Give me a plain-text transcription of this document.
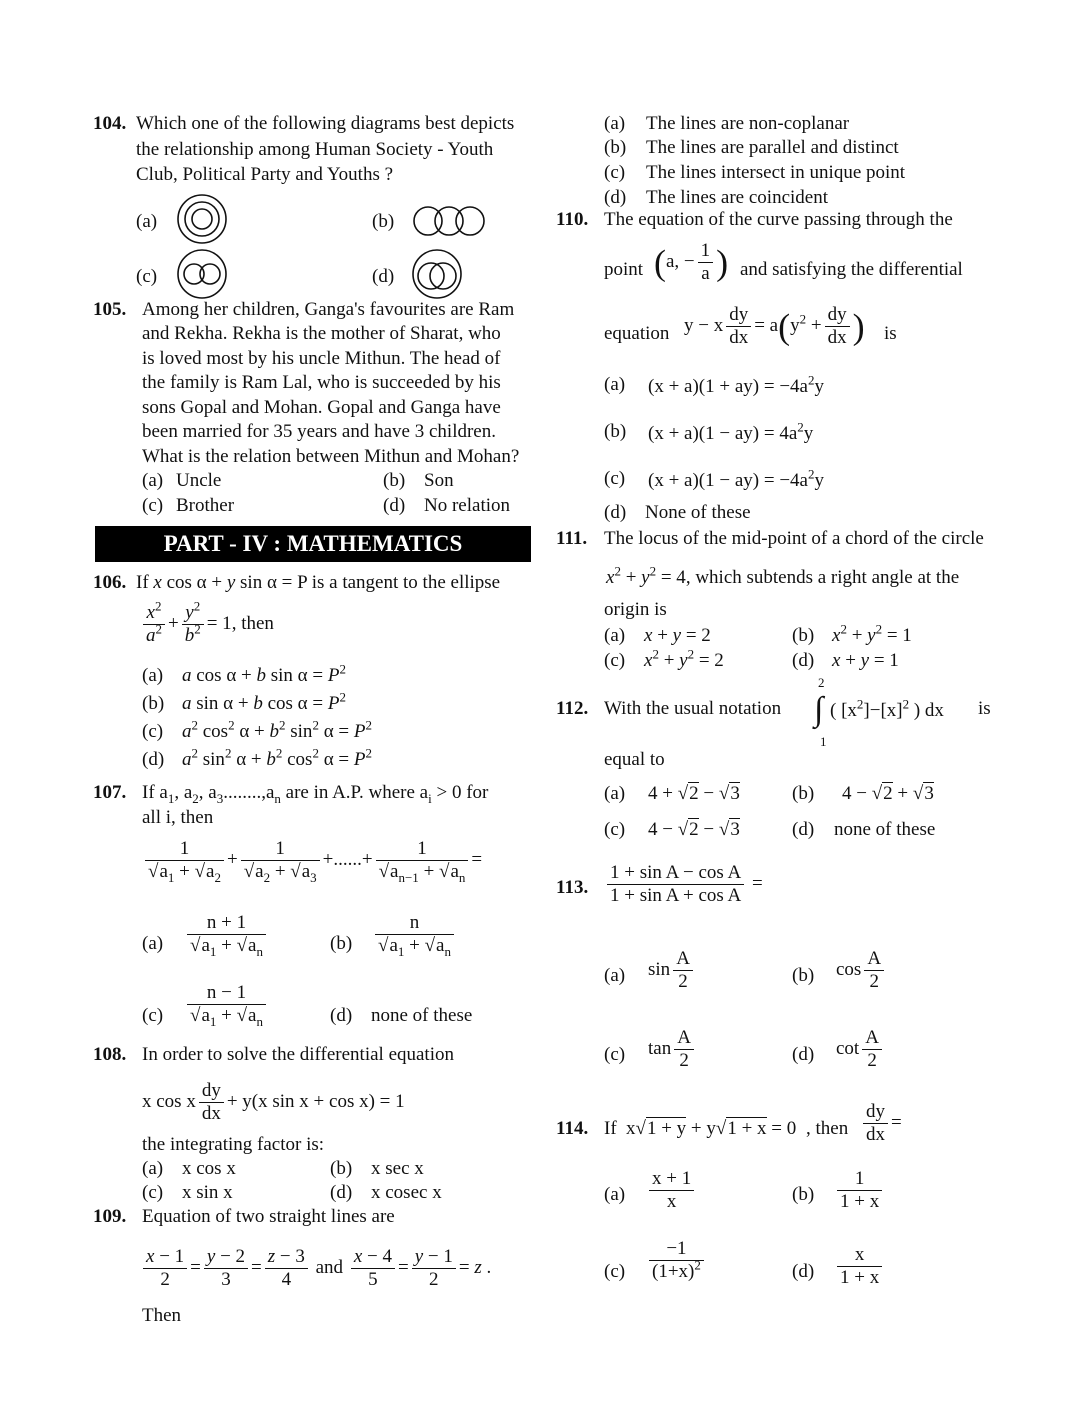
104. Which one of the following diagrams best depicts
the relationship among Human Society - Youth
Club, Political Party and Youths ?
(a)	(b)
(c)	(d)
105. Among her children, Ganga's favourites are Ram
and Rekha. Rekha is the mother of Sharat, who
is loved most by his uncle Mithun. The head of
the family is Ram Lal, who is succeeded by his
sons Gopal and Mohan. Gopal and Ganga have
been married for 35 years and have 3 children.
What is the relation between Mithun and Mohan?
(a) Uncle	(b) Son
(c) Brother	(d) No relation
PART - IV : MATHEMATICS
106. If x cos α + y sin α = P is a tangent to the ellipse
$\frac{x^2}{a^2} + \frac{y^2}{b^2} = 1$, then
(a) a cos α + b $\sin \alpha = P^2$
(b) a sin α + b $\cos \alpha = P^2$
(c) $a^2$ $\cos^2 \alpha + b^2$ $\sin^2 \alpha = P^2$
(d) $a^2$ $\sin^2 \alpha + b^2$ $\cos^2 \alpha = P^2$
107. If $a_1$, $a_2$, $a_3........,a_n$ are in A.P. where $a_i > 0$ for
all i, then
$\frac{1}{√a_1 + √a_2} + \frac{1}{√a_2 + √a_3}$ +......+ $\frac{1}{√a_{n-1} + √a_n}$ =
$(a) \frac{n + 1}{√a_1 + √a_n}$	$(b) \frac{n}{√a_1 + √a_n}$
$(c) \frac{n - 1}{√a_1 + √a_n}$	(d) none of these
108. In order to solve the differential equation
x cos x $\frac{dy}{dx} + y(x$ sin x + cos x) = 1
the integrating factor is:
(a) x cos x	(b) x sec x
(c) x sin x	(d) x cosec x
109. Equation of two straight lines are
$\frac{x - 1}{2} = \frac{y - 2}{3} = \frac{z - 3}{4}$ and $\frac{x - 4}{5} = \frac{y - 1}{2} = z$ .
Then
(a) The lines are non-coplanar
(b) The lines are parallel and distinct
(c) The lines intersect in unique point
(d) The lines are coincident
110. The equation of the curve passing through the
point (a, − $\frac{1}{a}$ ) and satisfying the differential
equation y − x $\frac{dy}{dx} = a(y^2 + \frac{dy}{dx}$ ) is
(a) $(x + a)(1 + ay) = -4a^2y$
(b) $(x + a)(1 - ay) = 4a^2y$
(c) $(x + a)(1 - ay) = -4a^2y$
(d) None of these
111. The locus of the mid-point of a chord of the circle
$x^2 + y^2 = 4$, which subtends a right angle at the
origin is
(a) x + y = 2	(b) $x^2 + y^2 = 1$
(c) $x^2 + y^2 = 2$	(d) x + y = 1
112. With the usual notation
2
∫
1
( $[x^2]-[x]^2$ ) dx is
equal to
(a) 4 + √2 − √3	(b) 4 − √2 + √3
(c) 4 − √2 − √3	(d) none of these
113. $\frac{\text{1 + sin A − cos A}}{\text{1 + sin A + cos A}}$ =
(a) $\sin \frac{A}{2}$	(b) $\cos \frac{A}{2}$
(c) $\tan \frac{A}{2}$	(d) $\cot \frac{A}{2}$
114. If x√1 + y + y√1 + x = 0 , then $\frac{dy}{dx}$ =
$(a) \frac{x + 1}{x}$	$(b) \frac{1}{1 + x}$
$(c) \frac{-1}{(1+x)^2}$	$(d) \frac{x}{1 + x}$
